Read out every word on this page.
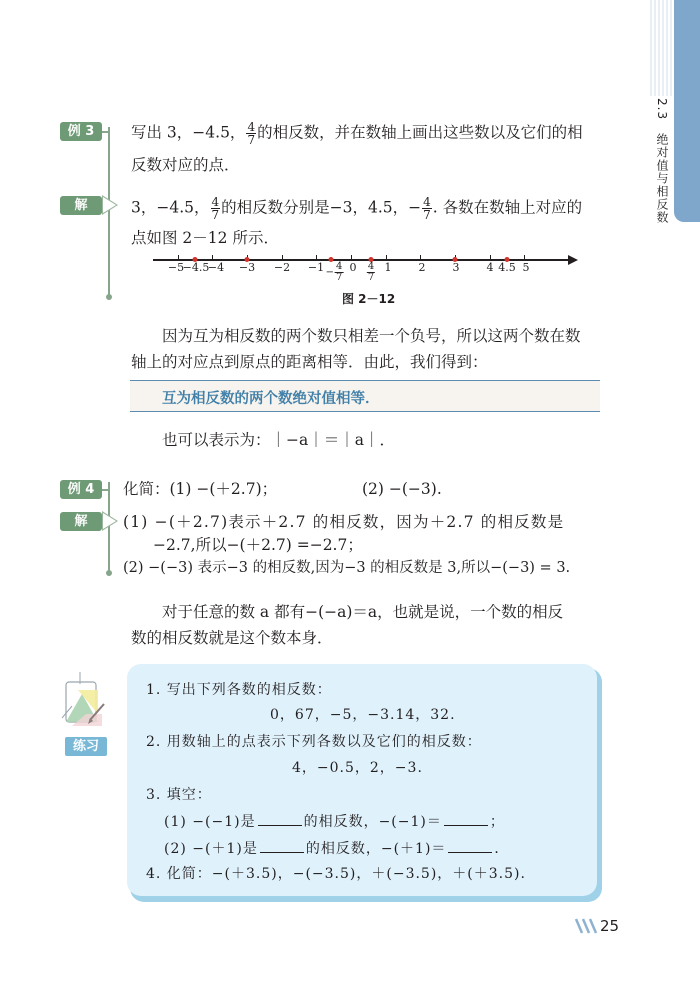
2.3 绝对值与相反数
例 3
解
写出 3，−4.5， $\frac{4}{7}$ 的相反数，并在数轴上画出这些数以及它们的相
反数对应的点．
3，−4.5， $\frac{4}{7}$ 的相反数分别是−3，4.5，− $\frac{4}{7}$ . 各数在数轴上对应的
点如图 2－12 所示．
−5
−4.5
$-4 -3 -2 -1 - \frac{4}{7} 0 \frac{4}{7} 1$ 2 3 4 4.5 5
图 2－12
因为互为相反数的两个数只相差一个负号，所以这两个数在数
轴上的对应点到原点的距离相等．由此，我们得到：
互为相反数的两个数绝对值相等．
也可以表示为：｜−a｜＝｜a｜．
例 4
解
化简：(1) −(＋2.7)；	(2) −(−3).
(1) −(＋2.7)表示＋2.7 的相反数，因为＋2.7 的相反数是
−2.7,所以−(＋2.7) =−2.7；
(2) −(−3) 表示−3 的相反数,因为−3 的相反数是 3,所以−(−3) = 3.
对于任意的数 a 都有−(−a)＝a，也就是说，一个数的相反
数的相反数就是这个数本身．
练习
1. 写出下列各数的相反数：
0，67，−5，−3.14，32.
2. 用数轴上的点表示下列各数以及它们的相反数：
4，−0.5，2，−3.
3. 填空：
(1) −(−1)是	的相反数，−(−1)＝	；
(2) −(＋1)是	的相反数，−(＋1)＝	．
4. 化简：−(＋3.5)，−(−3.5)，＋(−3.5)，＋(＋3.5).
25
